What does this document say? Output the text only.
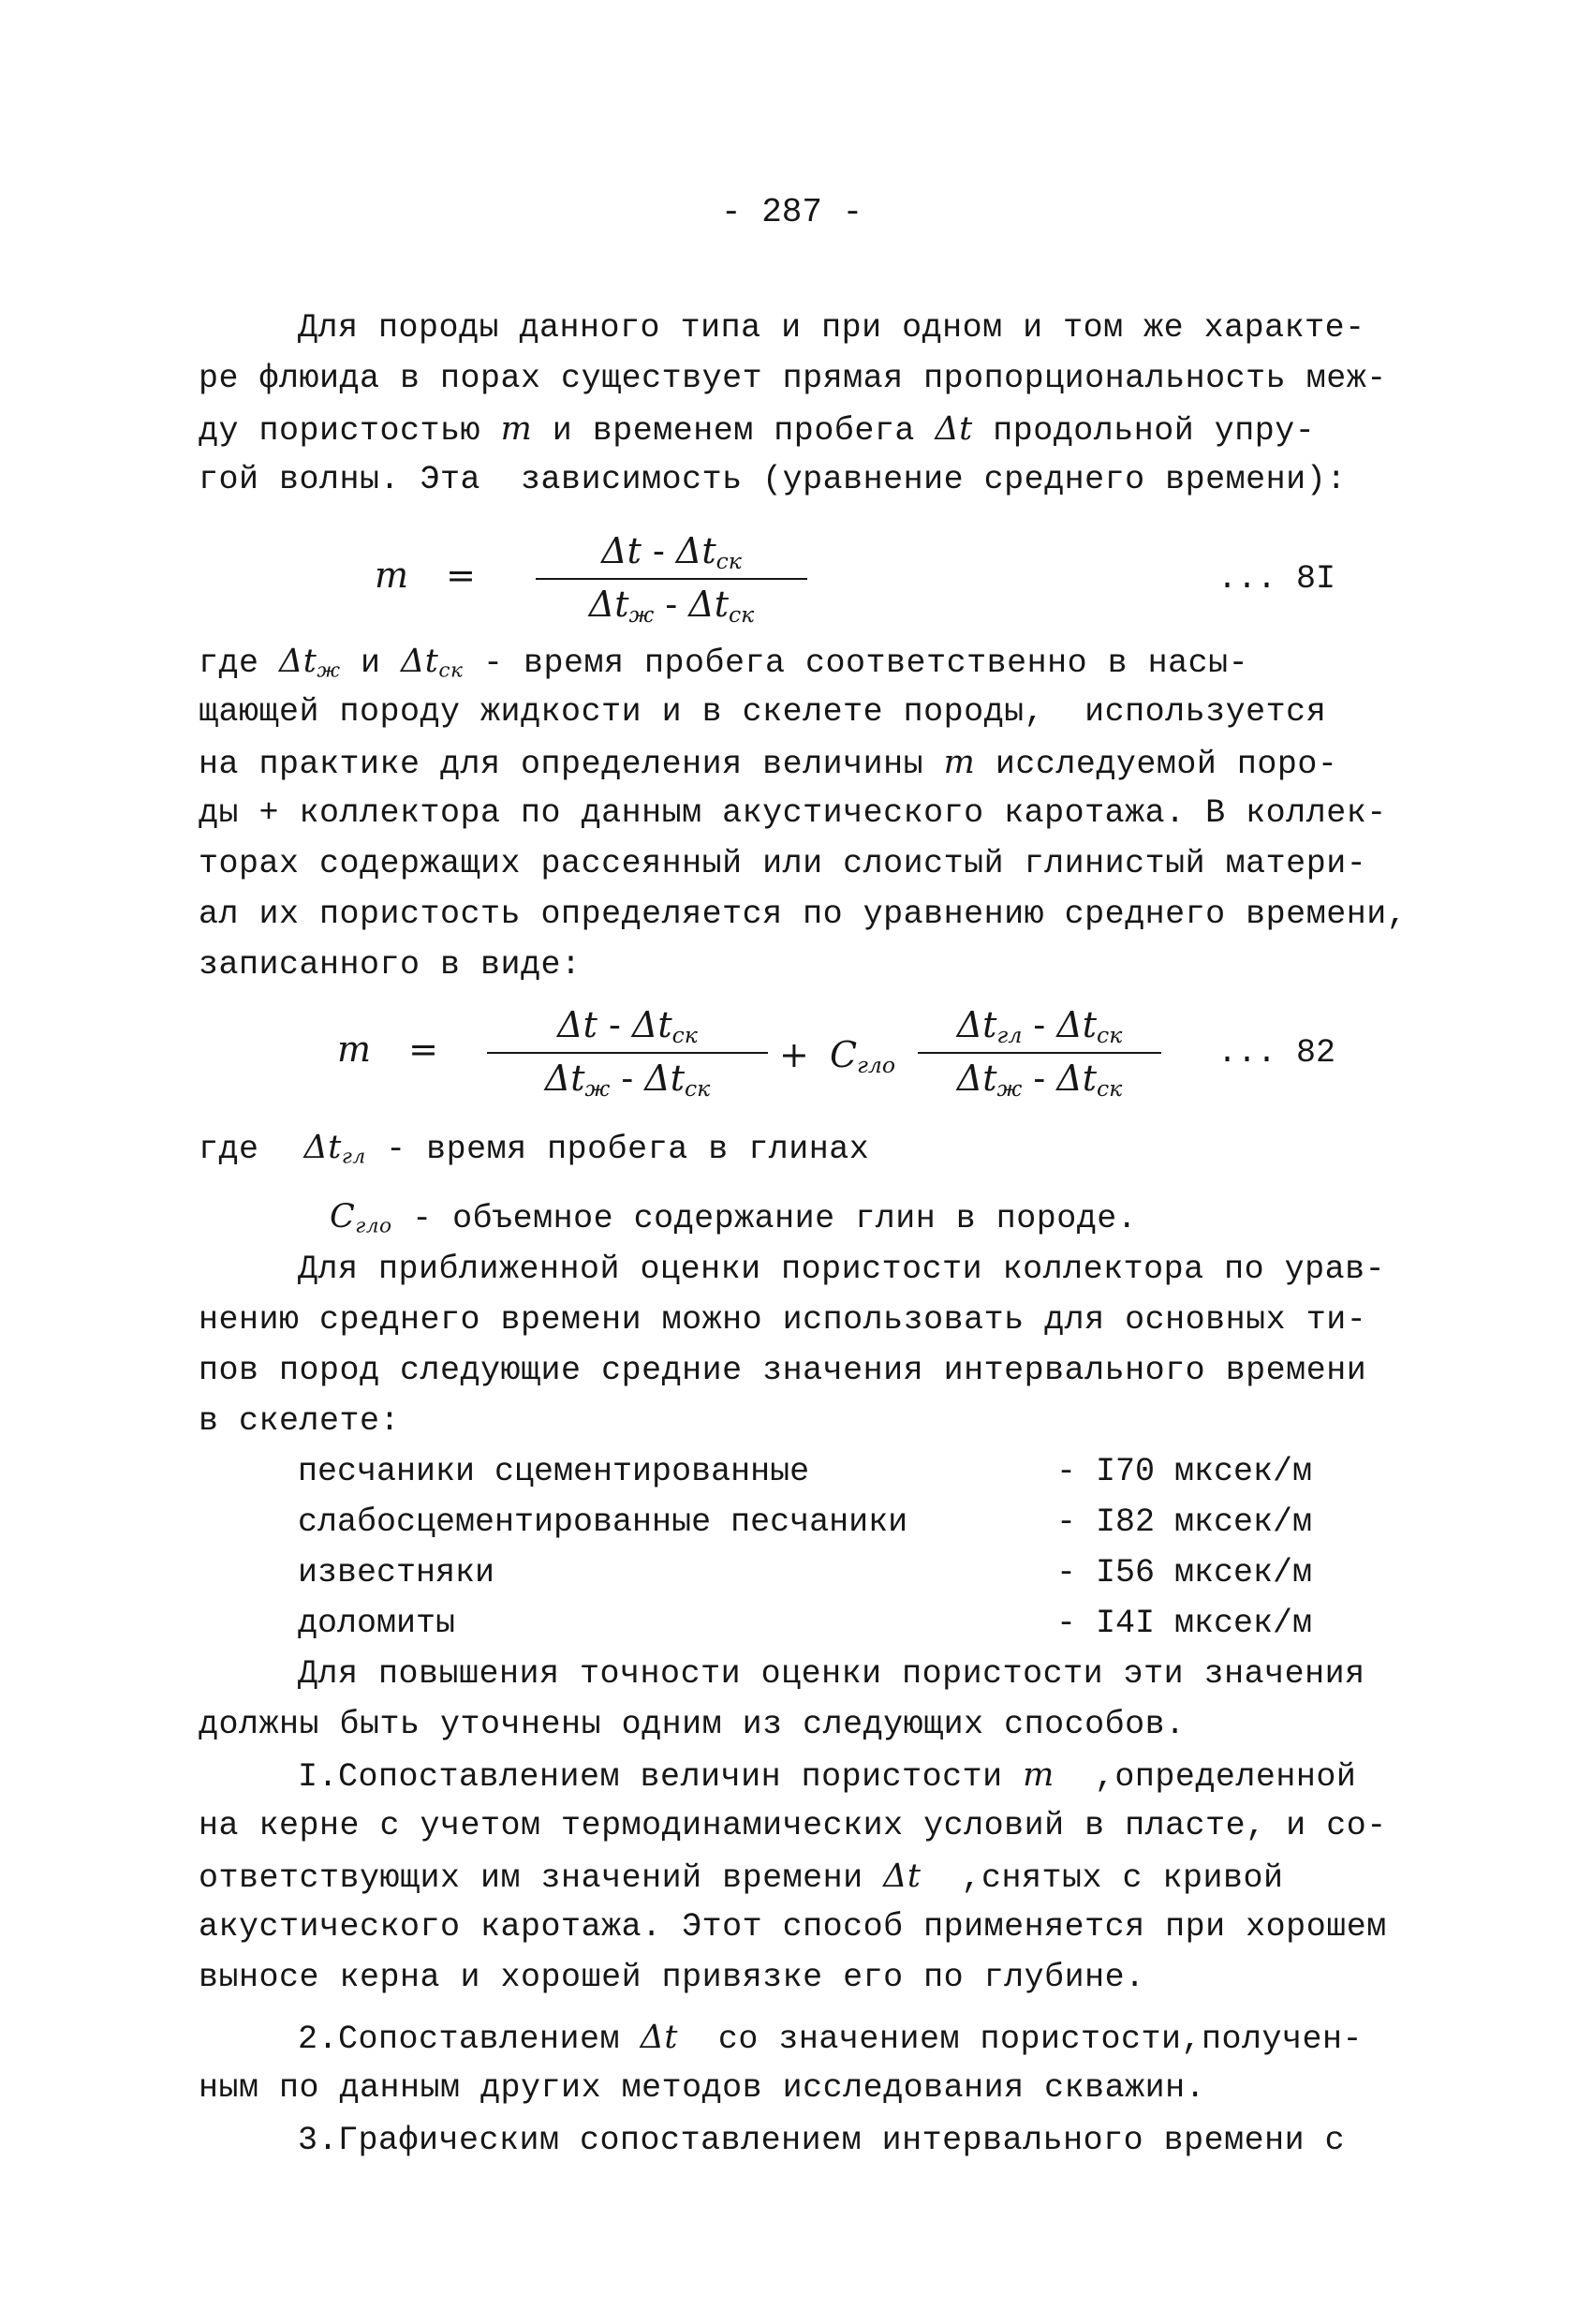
- 287 -
Для породы данного типа и при одном и том же характе-
ре флюида в порах существует прямая пропорциональность меж-
ду пористостью m и временем пробега Δt продольной упру-
гой волны. Эта  зависимость (уравнение среднего времени):
m =
Δt - $\Delta t_{ск}$
$\Delta t_ж - \Delta t_{ск}$
... 8I
где $\Delta t_ж$ и $\Delta t_{ск}$ - время пробега соответственно в насы-
щающей породу жидкости и в скелете породы,  используется
на практике для определения величины m исследуемой поро-
ды + коллектора по данным акустического каротажа. В коллек-
торах содержащих рассеянный или слоистый глинистый матери-
ал их пористость определяется по уравнению среднего времени,
записанного в виде:
m =
Δt - $\Delta t_{ск}$
$\Delta t_ж - \Delta t_{ск}$
+ $C_{гло}$
$\Delta t_{гл} - \Delta t_{ск}$
$\Delta t_ж - \Delta t_{ск}$
... 82
где $\Delta t_{гл}$ - время пробега в глинах
$C_{гло}$ - объемное содержание глин в породе.
Для приближенной оценки пористости коллектора по урав-
нению среднего времени можно использовать для основных ти-
пов пород следующие средние значения интервального времени
в скелете:
песчаники сцементированные	- I70 мксек/м
слабосцементированные песчаники	- I82 мксек/м
известняки	- I56 мксек/м
доломиты	- I4I мксек/м
Для повышения точности оценки пористости эти значения
должны быть уточнены одним из следующих способов.
I.Сопоставлением величин пористости m  ,определенной
на керне с учетом термодинамических условий в пласте, и со-
ответствующих им значений времени Δt  ,снятых с кривой
акустического каротажа. Этот способ применяется при хорошем
выносе керна и хорошей привязке его по глубине.
2.Сопоставлением Δt  со значением пористости,получен-
ным по данным других методов исследования скважин.
3.Графическим сопоставлением интервального времени с
